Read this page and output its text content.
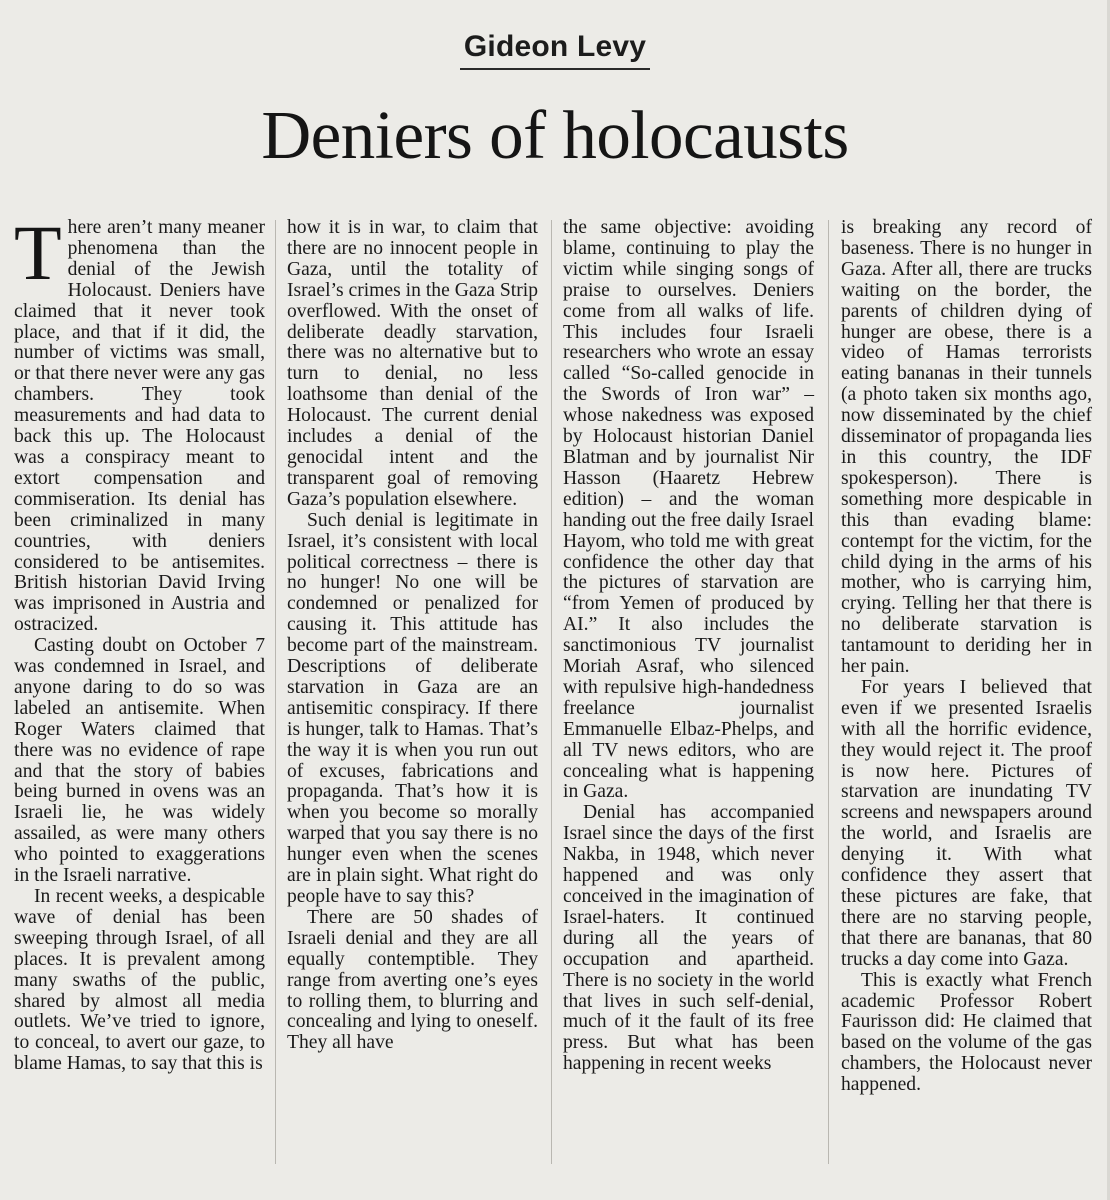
Gideon Levy
Deniers of holocausts

There aren’t many meaner phenomena than the denial of the Jewish Holocaust. Deniers have claimed that it never took place, and that if it did, the number of victims was small, or that there never were any gas chambers. They took measurements and had data to back this up. The Holocaust was a conspiracy meant to extort compensation and commiseration. Its denial has been criminalized in many countries, with deniers considered to be antisemites. British historian David Irving was imprisoned in Austria and ostracized.

Casting doubt on October 7 was condemned in Israel, and anyone daring to do so was labeled an antisemite. When Roger Waters claimed that there was no evidence of rape and that the story of babies being burned in ovens was an Israeli lie, he was widely assailed, as were many others who pointed to exaggerations in the Israeli narrative.

In recent weeks, a despicable wave of denial has been sweeping through Israel, of all places. It is prevalent among many swaths of the public, shared by almost all media outlets. We’ve tried to ignore, to conceal, to avert our gaze, to blame Hamas, to say that this is

how it is in war, to claim that there are no innocent people in Gaza, until the totality of Israel’s crimes in the Gaza Strip overflowed. With the onset of deliberate deadly starvation, there was no alternative but to turn to denial, no less loathsome than denial of the Holocaust. The current denial includes a denial of the genocidal intent and the transparent goal of removing Gaza’s population elsewhere.

Such denial is legitimate in Israel, it’s consistent with local political correctness – there is no hunger! No one will be condemned or penalized for causing it. This attitude has become part of the mainstream. Descriptions of deliberate starvation in Gaza are an antisemitic conspiracy. If there is hunger, talk to Hamas. That’s the way it is when you run out of excuses, fabrications and propaganda. That’s how it is when you become so morally warped that you say there is no hunger even when the scenes are in plain sight. What right do people have to say this?

There are 50 shades of Israeli denial and they are all equally contemptible. They range from averting one’s eyes to rolling them, to blurring and concealing and lying to oneself. They all have

the same objective: avoiding blame, continuing to play the victim while singing songs of praise to ourselves. Deniers come from all walks of life. This includes four Israeli researchers who wrote an essay called “So-called genocide in the Swords of Iron war” – whose nakedness was exposed by Holocaust historian Daniel Blatman and by journalist Nir Hasson (Haaretz Hebrew edition) – and the woman handing out the free daily Israel Hayom, who told me with great confidence the other day that the pictures of starvation are “from Yemen of produced by AI.” It also includes the sanctimonious TV journalist Moriah Asraf, who silenced with repulsive high-handedness freelance journalist Emmanuelle Elbaz-Phelps, and all TV news editors, who are concealing what is happening in Gaza.

Denial has accompanied Israel since the days of the first Nakba, in 1948, which never happened and was only conceived in the imagination of Israel-haters. It continued during all the years of occupation and apartheid. There is no society in the world that lives in such self-denial, much of it the fault of its free press. But what has been happening in recent weeks

is breaking any record of baseness. There is no hunger in Gaza. After all, there are trucks waiting on the border, the parents of children dying of hunger are obese, there is a video of Hamas terrorists eating bananas in their tunnels (a photo taken six months ago, now disseminated by the chief disseminator of propaganda lies in this country, the IDF spokesperson). There is something more despicable in this than evading blame: contempt for the victim, for the child dying in the arms of his mother, who is carrying him, crying. Telling her that there is no deliberate starvation is tantamount to deriding her in her pain.

For years I believed that even if we presented Israelis with all the horrific evidence, they would reject it. The proof is now here. Pictures of starvation are inundating TV screens and newspapers around the world, and Israelis are denying it. With what confidence they assert that these pictures are fake, that there are no starving people, that there are bananas, that 80 trucks a day come into Gaza.

This is exactly what French academic Professor Robert Faurisson did: He claimed that based on the volume of the gas chambers, the Holocaust never happened.
